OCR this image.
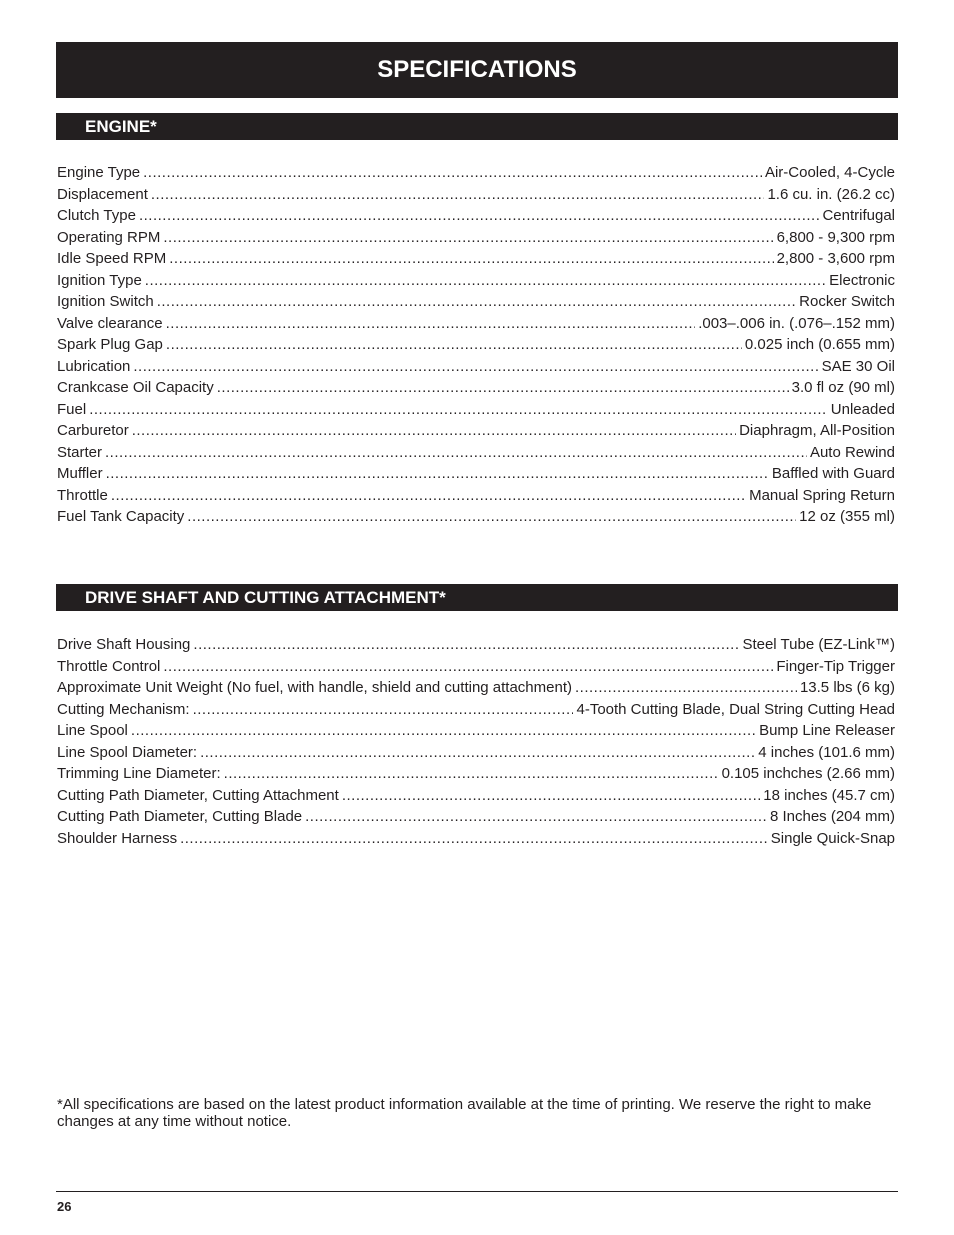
SPECIFICATIONS
ENGINE*
Engine Type .....	Air-Cooled, 4-Cycle
Displacement .....	1.6 cu. in. (26.2 cc)
Clutch Type .....	Centrifugal
Operating RPM .....	6,800 - 9,300 rpm
Idle Speed RPM .....	2,800 - 3,600 rpm
Ignition Type .....	Electronic
Ignition Switch .....	Rocker Switch
Valve clearance .....	.003–.006 in. (.076–.152 mm)
Spark Plug Gap .....	0.025 inch (0.655 mm)
Lubrication .....	SAE 30 Oil
Crankcase Oil Capacity .....	3.0 fl oz (90 ml)
Fuel .....	Unleaded
Carburetor .....	Diaphragm, All-Position
Starter .....	Auto Rewind
Muffler .....	Baffled with Guard
Throttle .....	Manual Spring Return
Fuel Tank Capacity .....	12 oz (355 ml)
DRIVE SHAFT AND CUTTING ATTACHMENT*
Drive Shaft Housing .....	Steel Tube (EZ-Link™)
Throttle Control .....	Finger-Tip Trigger
Approximate Unit Weight (No fuel, with handle, shield and cutting attachment) .....	13.5 lbs (6 kg)
Cutting Mechanism: .....	4-Tooth Cutting Blade, Dual String Cutting Head
Line Spool .....	Bump Line Releaser
Line Spool Diameter: .....	4 inches (101.6 mm)
Trimming Line Diameter: .....	0.105 inchches (2.66 mm)
Cutting Path Diameter, Cutting Attachment .....	18 inches (45.7 cm)
Cutting Path Diameter, Cutting Blade .....	8 Inches (204 mm)
Shoulder Harness .....	Single Quick-Snap
*All specifications are based on the latest product information available at the time of printing. We reserve the right to make changes at any time without notice.
26
